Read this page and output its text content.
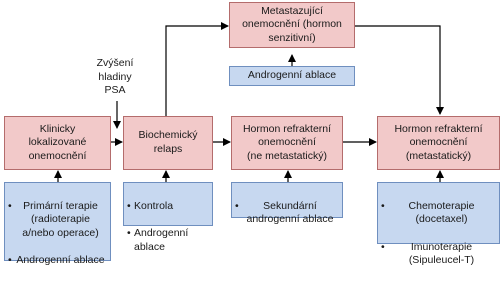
Klinicky
lokalizované
onemocnění
Biochemický
relaps
Hormon refrakterní
onemocnění
(ne metastatický)
Metastazující
onemocnění (hormon
senzitivní)
Hormon refrakterní
onemocnění
(metastatický)
Zvýšení
hladiny
PSA

• Primární terapie (radioterapie a/nebo operace)

• Androgenní ablace

• Kontrola

• Androgenní ablace

• Sekundární androgenní ablace

Androgenní ablace

• Chemoterapie (docetaxel)

• Imunoterapie (Sipuleucel-T)
